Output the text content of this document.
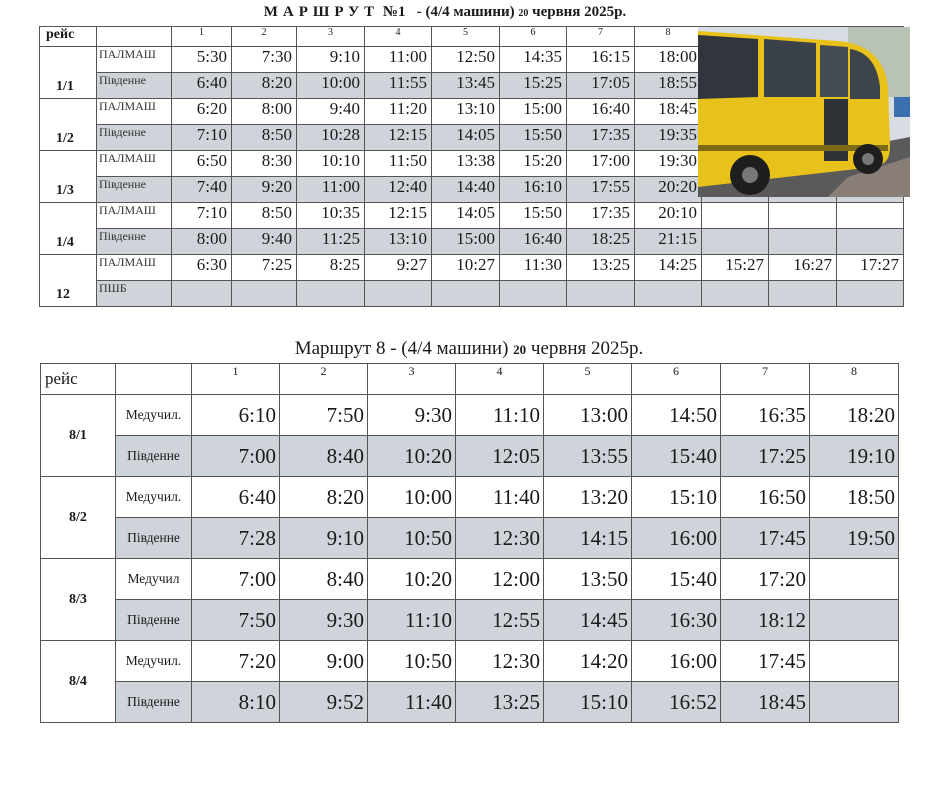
МАРШРУТ №1 - (4/4 машини) 20 червня 2025р.
рейс		1	2	3	4	5	6	7	8			
1/1	ПАЛМАШ	5:30	7:30	9:10	11:00	12:50	14:35	16:15	18:00			
	Південне	6:40	8:20	10:00	11:55	13:45	15:25	17:05	18:55			
1/2	ПАЛМАШ	6:20	8:00	9:40	11:20	13:10	15:00	16:40	18:45			
	Південне	7:10	8:50	10:28	12:15	14:05	15:50	17:35	19:35			
1/3	ПАЛМАШ	6:50	8:30	10:10	11:50	13:38	15:20	17:00	19:30			
	Південне	7:40	9:20	11:00	12:40	14:40	16:10	17:55	20:20			
1/4	ПАЛМАШ	7:10	8:50	10:35	12:15	14:05	15:50	17:35	20:10			
	Південне	8:00	9:40	11:25	13:10	15:00	16:40	18:25	21:15			
12	ПАЛМАШ	6:30	7:25	8:25	9:27	10:27	11:30	13:25	14:25	15:27	16:27	17:27
	ПШБ											
Маршрут 8 - (4/4 машини) 20 червня 2025р.
рейс		1	2	3	4	5	6	7	8
8/1	Медучил.	6:10	7:50	9:30	11:10	13:00	14:50	16:35	18:20
	Південне	7:00	8:40	10:20	12:05	13:55	15:40	17:25	19:10
8/2	Медучил.	6:40	8:20	10:00	11:40	13:20	15:10	16:50	18:50
	Південне	7:28	9:10	10:50	12:30	14:15	16:00	17:45	19:50
8/3	Медучил	7:00	8:40	10:20	12:00	13:50	15:40	17:20	
	Південне	7:50	9:30	11:10	12:55	14:45	16:30	18:12	
8/4	Медучил.	7:20	9:00	10:50	12:30	14:20	16:00	17:45	
	Південне	8:10	9:52	11:40	13:25	15:10	16:52	18:45	
